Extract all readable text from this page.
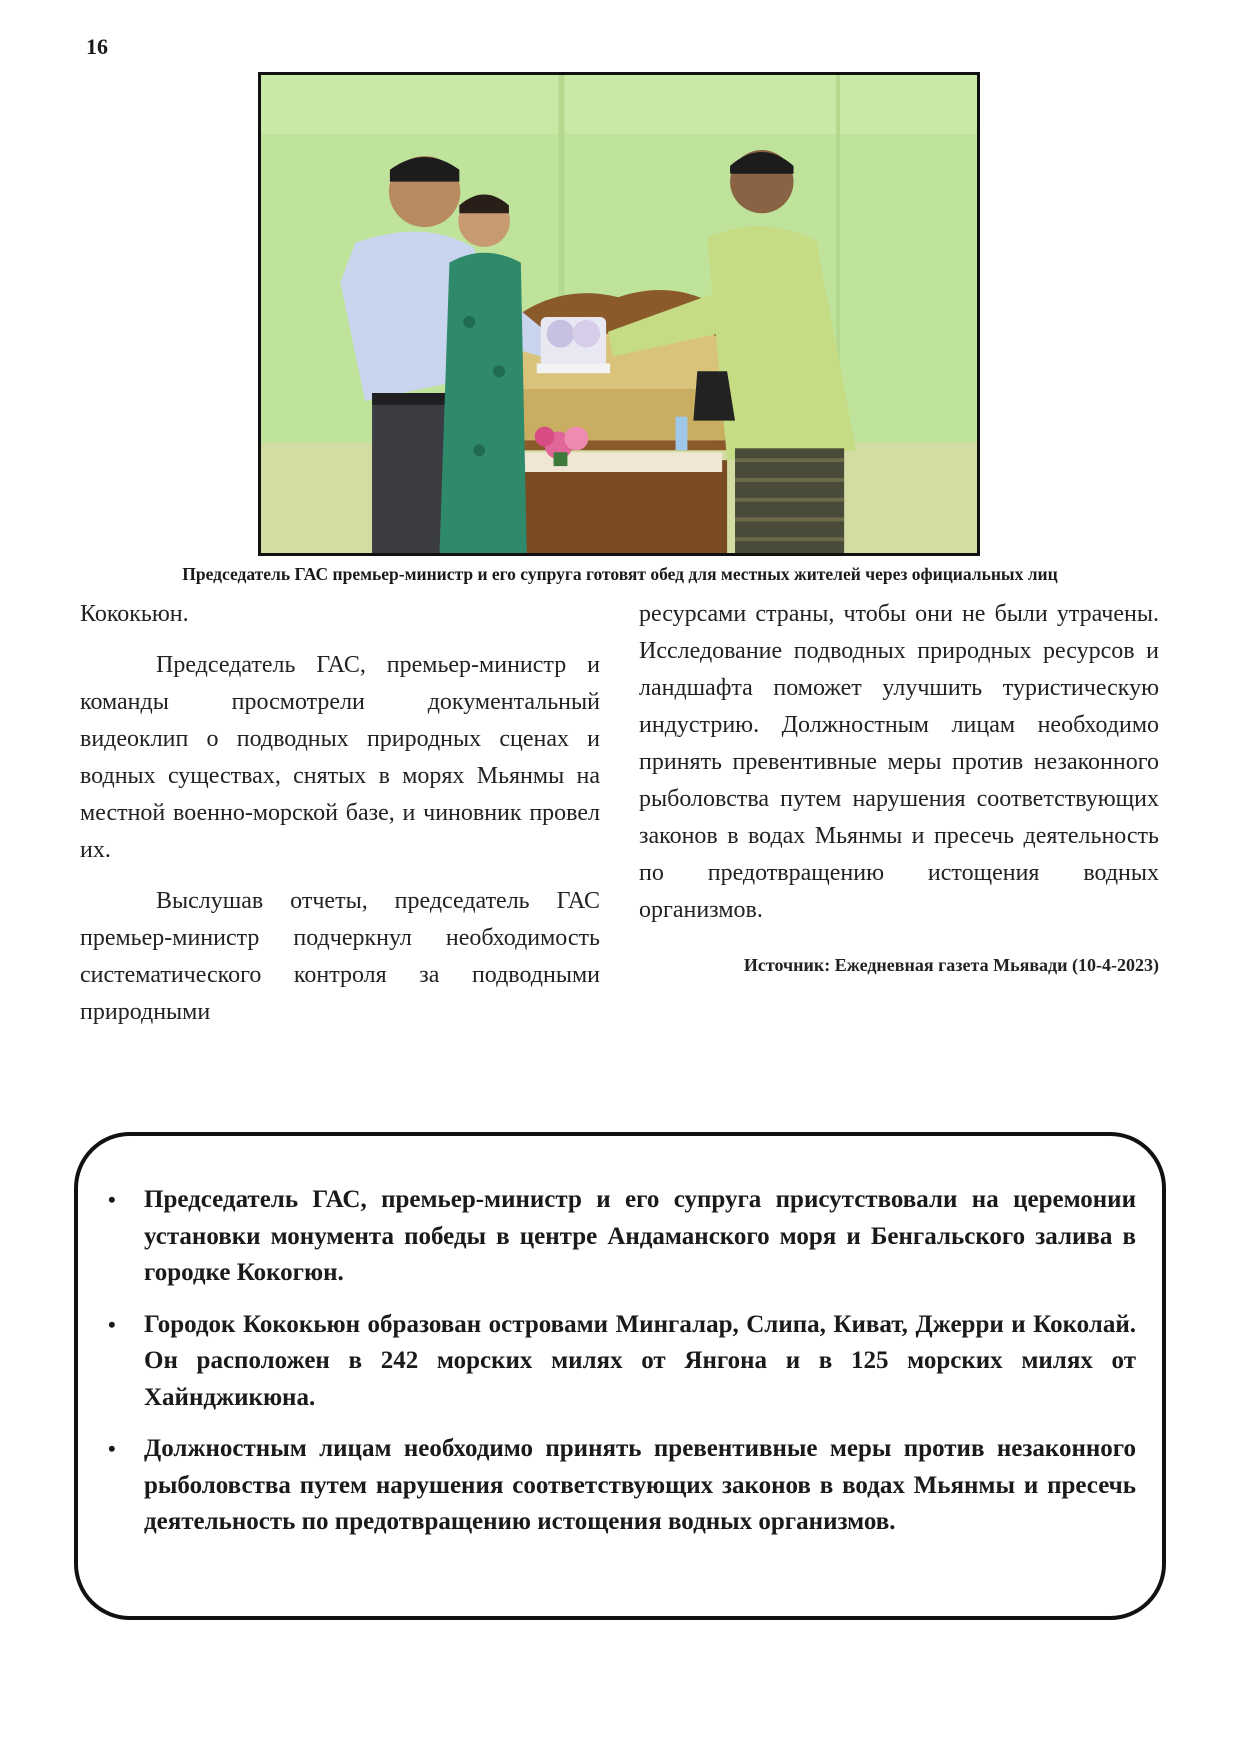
16
Председатель ГАС премьер-министр и его супруга готовят обед для местных жителей через официальных лиц

Кококьюн.

Председатель ГАС, премьер-министр и команды просмотрели документальный видеоклип о подводных природных сценах и водных существах, снятых в морях Мьянмы на местной военно-морской базе, и чиновник провел их.

Выслушав отчеты, председатель ГАС премьер-министр подчеркнул необходимость систематического контроля за подводными природными

ресурсами страны, чтобы они не были утрачены. Исследование подводных природных ресурсов и ландшафта поможет улучшить туристическую индустрию. Должностным лицам необходимо принять превентивные меры против незаконного рыболовства путем нарушения соответствующих законов в водах Мьянмы и пресечь деятельность по предотвращению истощения водных организмов.

Источник: Ежедневная газета Мьявади (10-4-2023)

• Председатель ГАС, премьер-министр и его супруга присутствовали на церемонии установки монумента победы в центре Андаманского моря и Бенгальского залива в городке Кокогюн.
• Городок Кококьюн образован островами Мингалар, Слипа, Киват, Джерри и Коколай. Он расположен в 242 морских милях от Янгона и в 125 морских милях от Хайнджикюна.
• Должностным лицам необходимо принять превентивные меры против незаконного рыболовства путем нарушения соответствующих законов в водах Мьянмы и пресечь деятельность по предотвращению истощения водных организмов.
